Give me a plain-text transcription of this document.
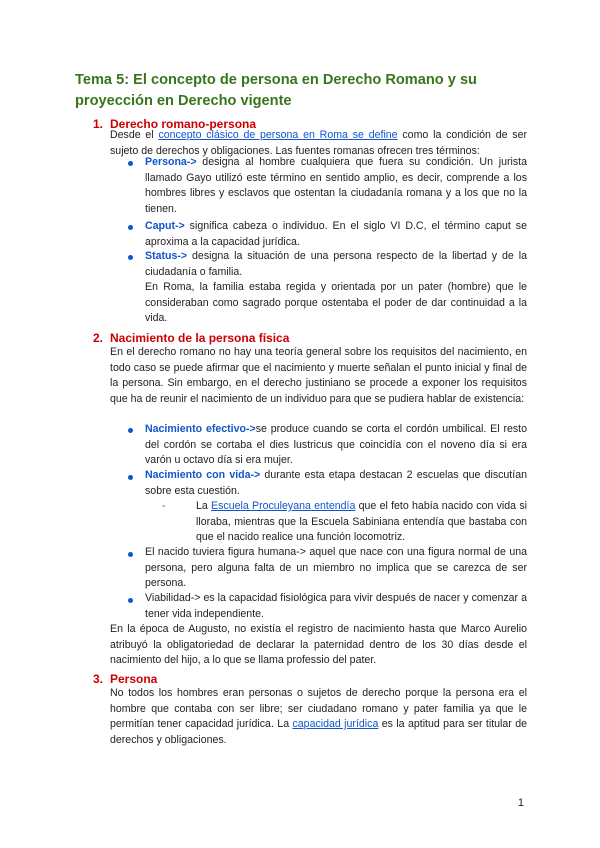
Tema 5: El concepto de persona en Derecho Romano y su proyección en Derecho vigente
1. Derecho romano-persona

Desde el concepto clásico de persona en Roma se define como la condición de ser sujeto de derechos y obligaciones. Las fuentes romanas ofrecen tres términos:

Persona-> designa al hombre cualquiera que fuera su condición. Un jurista llamado Gayo utilizó este término en sentido amplio, es decir, comprende a los hombres libres y esclavos que ostentan la ciudadanía romana y a los que no la tienen.

Caput-> significa cabeza o individuo. En el siglo VI D.C, el término caput se aproxima a la capacidad jurídica.

Status-> designa la situación de una persona respecto de la libertad y de la ciudadanía o familia.

En Roma, la familia estaba regida y orientada por un pater (hombre) que le consideraban como sagrado porque ostentaba el poder de dar continuidad a la vida.

2. Nacimiento de la persona física

En el derecho romano no hay una teoría general sobre los requisitos del nacimiento, en todo caso se puede afirmar que el nacimiento y muerte señalan el punto inicial y final de la persona. Sin embargo, en el derecho justiniano se procede a exponer los requisitos que ha de reunir el nacimiento de un individuo para que se pudiera hablar de existencia:

Nacimiento efectivo->se produce cuando se corta el cordón umbilical. El resto del cordón se cortaba el dies lustricus que coincidía con el noveno día si era varón u octavo día si era mujer.

Nacimiento con vida-> durante esta etapa destacan 2 escuelas que discutían sobre esta cuestión.

-	La Escuela Proculeyana entendía que el feto había nacido con vida si lloraba, mientras que la Escuela Sabiniana entendía que bastaba con que el nacido realice una función locomotriz.

El nacido tuviera figura humana-> aquel que nace con una figura normal de una persona, pero alguna falta de un miembro no implica que se carezca de ser persona.

Viabilidad-> es la capacidad fisiológica para vivir después de nacer y comenzar a tener vida independiente.

En la época de Augusto, no existía el registro de nacimiento hasta que Marco Aurelio atribuyó la obligatoriedad de declarar la paternidad dentro de los 30 días desde el nacimiento del hijo, a lo que se llama professio del pater.

3. Persona

No todos los hombres eran personas o sujetos de derecho porque la persona era el hombre que contaba con ser libre; ser ciudadano romano y pater familia ya que le permitían tener capacidad jurídica. La capacidad jurídica es la aptitud para ser titular de derechos y obligaciones.

1
